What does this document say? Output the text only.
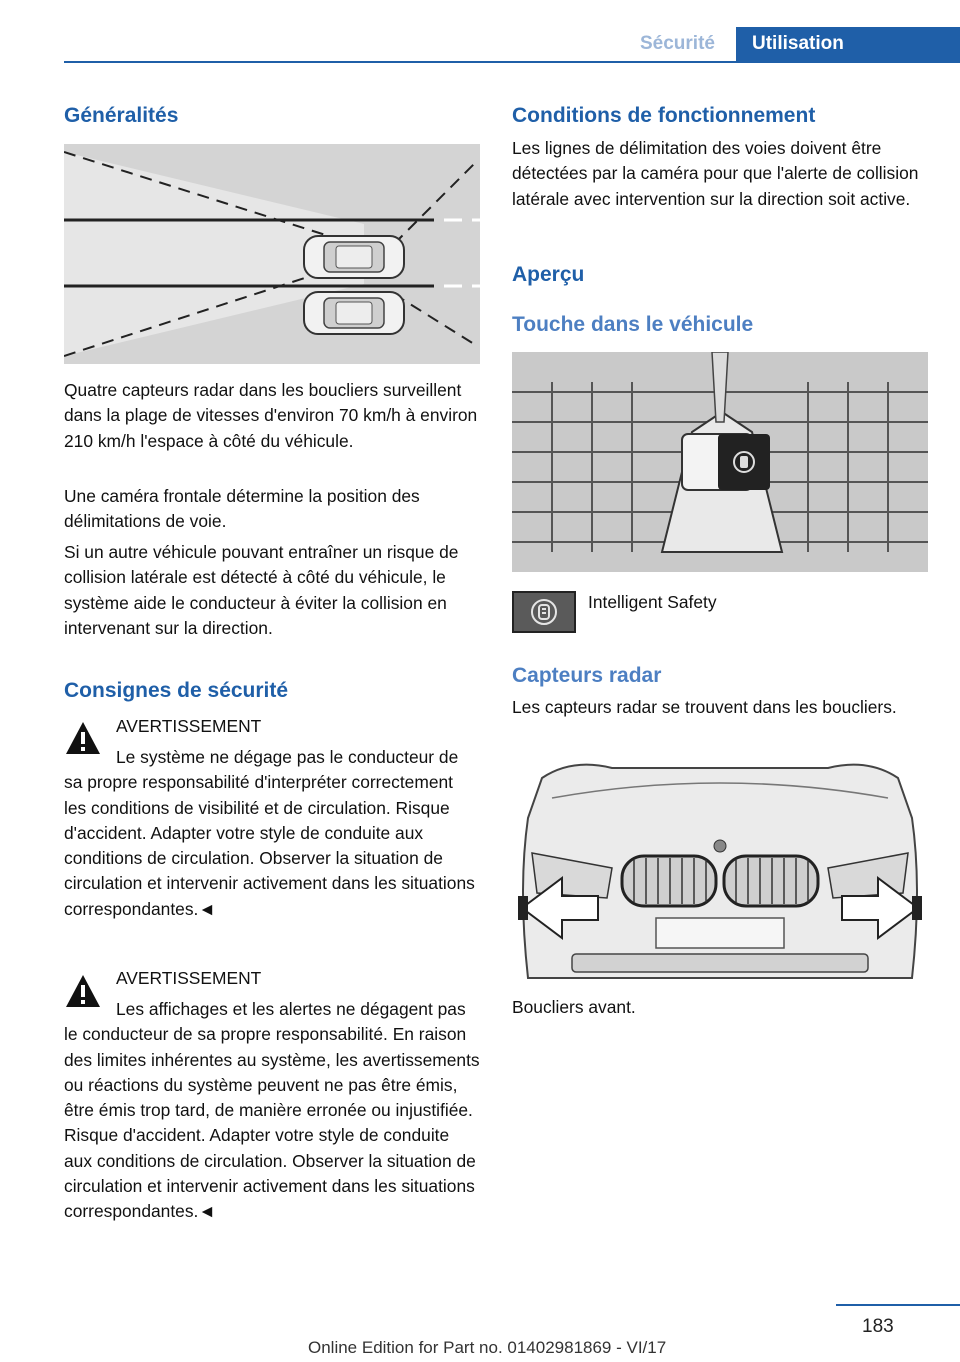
Sécurité	Utilisation
Généralités

Quatre capteurs radar dans les boucliers surveillent dans la plage de vitesses d'environ 70 km/h à environ 210 km/h l'espace à côté du véhicule.

Une caméra frontale détermine la position des délimitations de voie.

Si un autre véhicule pouvant entraîner un risque de collision latérale est détecté à côté du véhicule, le système aide le conducteur à éviter la collision en intervenant sur la direction.

Consignes de sécurité
AVERTISSEMENT

Le système ne dégage pas le conducteur de sa propre responsabilité d'interpréter correctement les conditions de visibilité et de circulation. Risque d'accident. Adapter votre style de conduite aux conditions de circulation. Observer la situation de circulation et intervenir activement dans les situations correspondantes.◄

AVERTISSEMENT

Les affichages et les alertes ne dégagent pas le conducteur de sa propre responsabilité. En raison des limites inhérentes au système, les avertissements ou réactions du système peuvent ne pas être émis, être émis trop tard, de manière erronée ou injustifiée. Risque d'accident. Adapter votre style de conduite aux conditions de circulation. Observer la situation de circulation et intervenir activement dans les situations correspondantes.◄

Conditions de fonctionnement

Les lignes de délimitation des voies doivent être détectées par la caméra pour que l'alerte de collision latérale avec intervention sur la direction soit active.

Aperçu
Touche dans le véhicule
Intelligent Safety
Capteurs radar

Les capteurs radar se trouvent dans les boucliers.

Boucliers avant.

183
Online Edition for Part no. 01402981869 - VI/17
